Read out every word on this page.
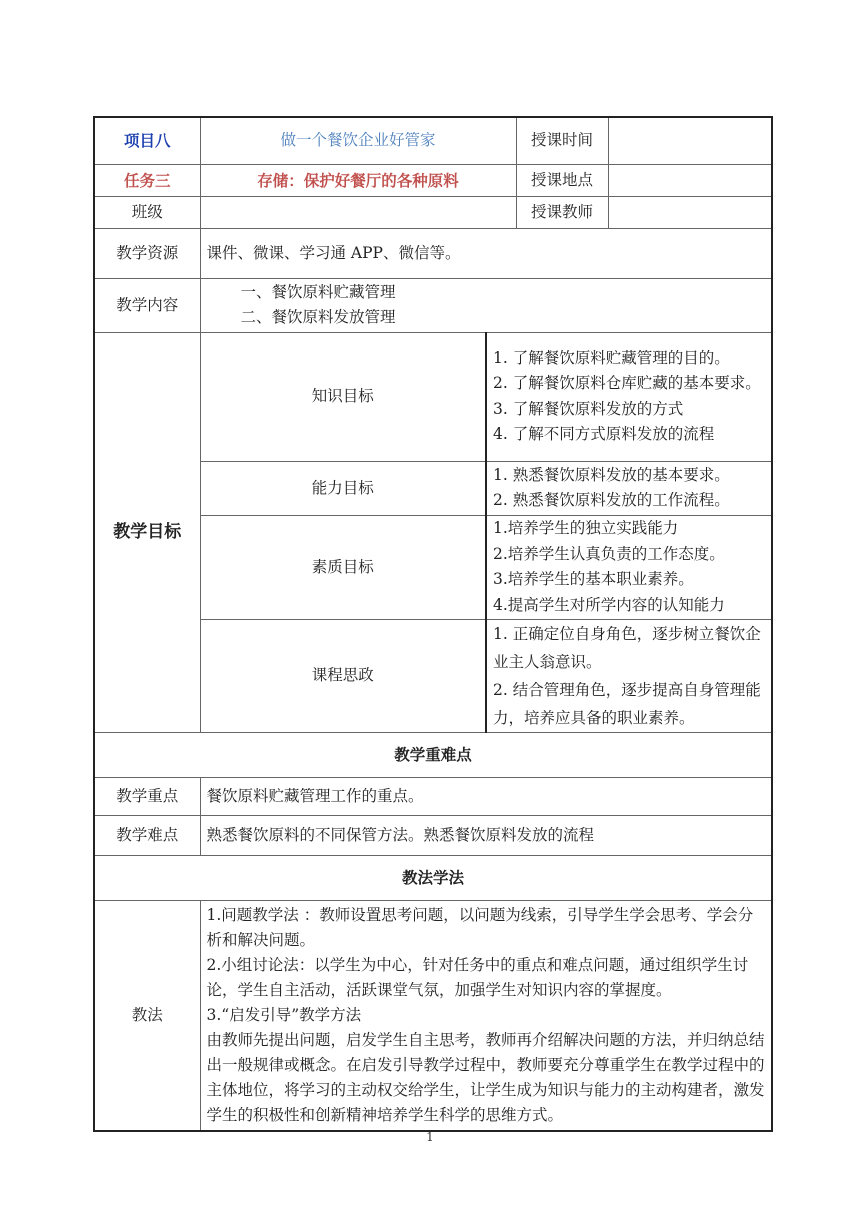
项目八	做一个餐饮企业好管家		授课时间	
任务三	存储：保护好餐厅的各种原料		授课地点	
班级			授课教师	
教学资源	课件、微课、学习通 APP、微信等。			
教学内容	一、餐饮原料贮藏管理
二、餐饮原料发放管理			

教学目标	知识目标	1. 了解餐饮原料贮藏管理的目的。
2. 了解餐饮原料仓库贮藏的基本要求。
3. 了解餐饮原料发放的方式
4. 了解不同方式原料发放的流程		

	能力目标	1. 熟悉餐饮原料发放的基本要求。
2. 熟悉餐饮原料发放的工作流程。		

	素质目标	1.培养学生的独立实践能力
2.培养学生认真负责的工作态度。
3.培养学生的基本职业素养。
4.提高学生对所学内容的认知能力		

	课程思政	1. 正确定位自身角色，逐步树立餐饮企业主人翁意识。
2. 结合管理角色，逐步提高自身管理能力，培养应具备的职业素养。		

教学重难点				
教学重点	餐饮原料贮藏管理工作的重点。			
教学难点	熟悉餐饮原料的不同保管方法。熟悉餐饮原料发放的流程			
教法学法				
教法	1.问题教学法 ：教师设置思考问题，以问题为线索，引导学生学会思考、学会分析和解决问题。
2.小组讨论法：以学生为中心，针对任务中的重点和难点问题，通过组织学生讨论，学生自主活动，活跃课堂气氛，加强学生对知识内容的掌握度。
3.“启发引导”教学方法
由教师先提出问题，启发学生自主思考，教师再介绍解决问题的方法，并归纳总结出一般规律或概念。在启发引导教学过程中，教师要充分尊重学生在教学过程中的主体地位，将学习的主动权交给学生，让学生成为知识与能力的主动构建者，激发学生的积极性和创新精神培养学生科学的思维方式。			
1
